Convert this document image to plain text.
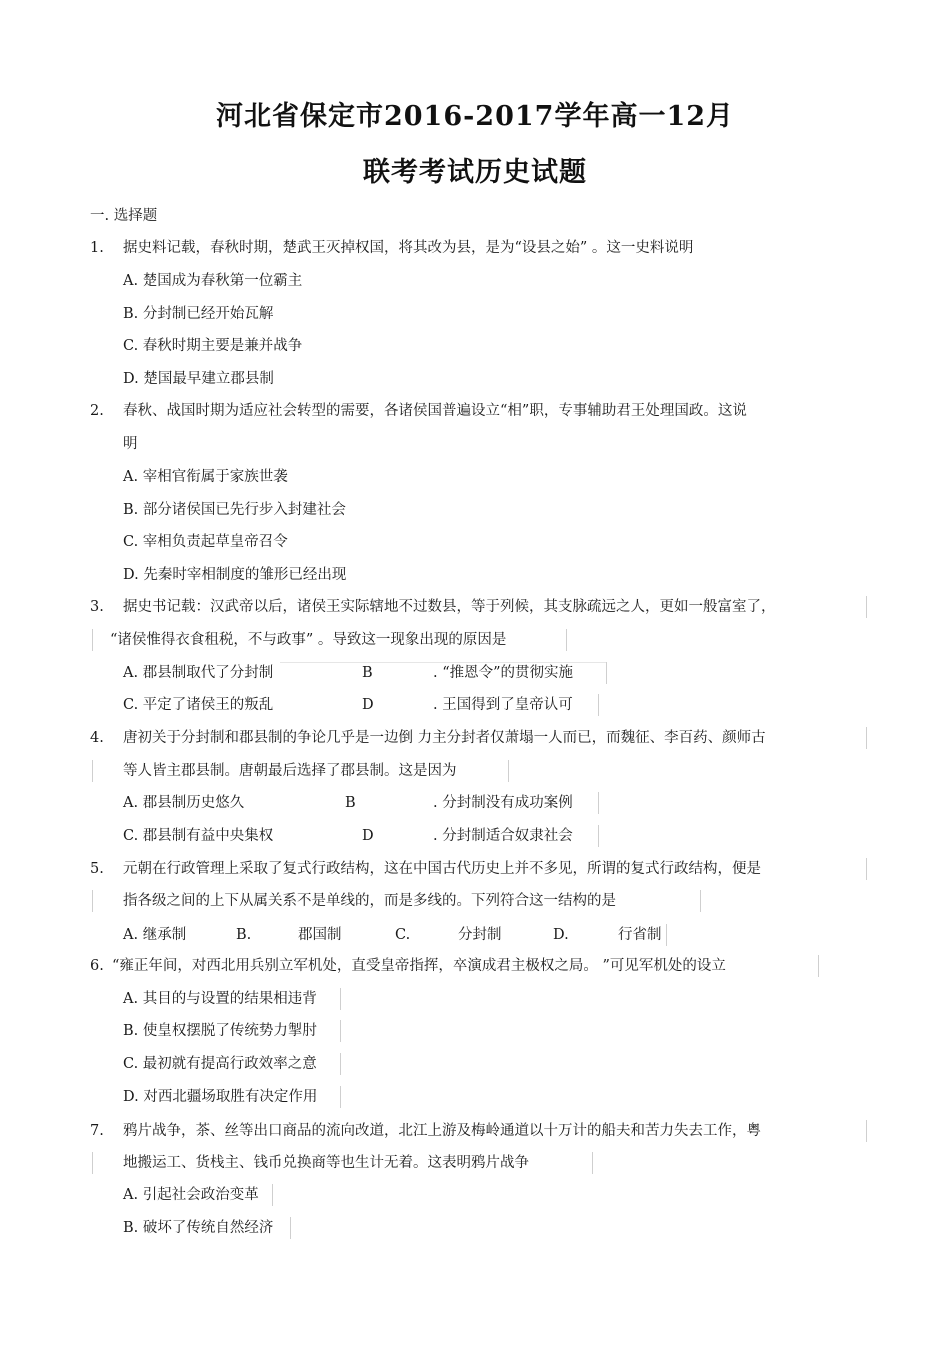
河北省保定市2016-2017学年高一12月
联考考试历史试题
一. 选择题
1. 据史料记载，春秋时期，楚武王灭掉权国，将其改为县，是为“设县之始” 。这一史料说明
A. 楚国成为春秋第一位霸主
B. 分封制已经开始瓦解
C. 春秋时期主要是兼并战争
D. 楚国最早建立郡县制
2. 春秋、战国时期为适应社会转型的需要，各诸侯国普遍设立“相”职，专事辅助君王处理国政。这说
明
A. 宰相官衔属于家族世袭
B. 部分诸侯国已先行步入封建社会
C. 宰相负责起草皇帝召令
D. 先秦时宰相制度的雏形已经出现
3. 据史书记载：汉武帝以后，诸侯王实际辖地不过数县，等于列候，其支脉疏远之人，更如一般富室了，
“诸侯惟得衣食租税，不与政事” 。导致这一现象出现的原因是
A. 郡县制取代了分封制	B	. “推恩令”的贯彻实施
C. 平定了诸侯王的叛乱	D	. 王国得到了皇帝认可
4. 唐初关于分封制和郡县制的争论几乎是一边倒 力主分封者仅萧塌一人而已，而魏征、李百药、颜师古
等人皆主郡县制。唐朝最后选择了郡县制。这是因为
A. 郡县制历史悠久	B	. 分封制没有成功案例
C. 郡县制有益中央集权	D	. 分封制适合奴隶社会
5. 元朝在行政管理上采取了复式行政结构，这在中国古代历史上并不多见，所谓的复式行政结构，便是
指各级之间的上下从属关系不是单线的，而是多线的。下列符合这一结构的是
A. 继承制	B.	郡国制	C.	分封制	D.	行省制
6. “雍正年间，对西北用兵别立军机处，直受皇帝指挥，卒演成君主极权之局。 ”可见军机处的设立
A. 其目的与设置的结果相违背
B. 使皇权摆脱了传统势力掣肘
C. 最初就有提高行政效率之意
D. 对西北疆场取胜有决定作用
7. 鸦片战争，茶、丝等出口商品的流向改道，北江上游及梅岭通道以十万计的船夫和苦力失去工作，粤
地搬运工、货栈主、钱币兑换商等也生计无着。这表明鸦片战争
A. 引起社会政治变革
B. 破坏了传统自然经济
